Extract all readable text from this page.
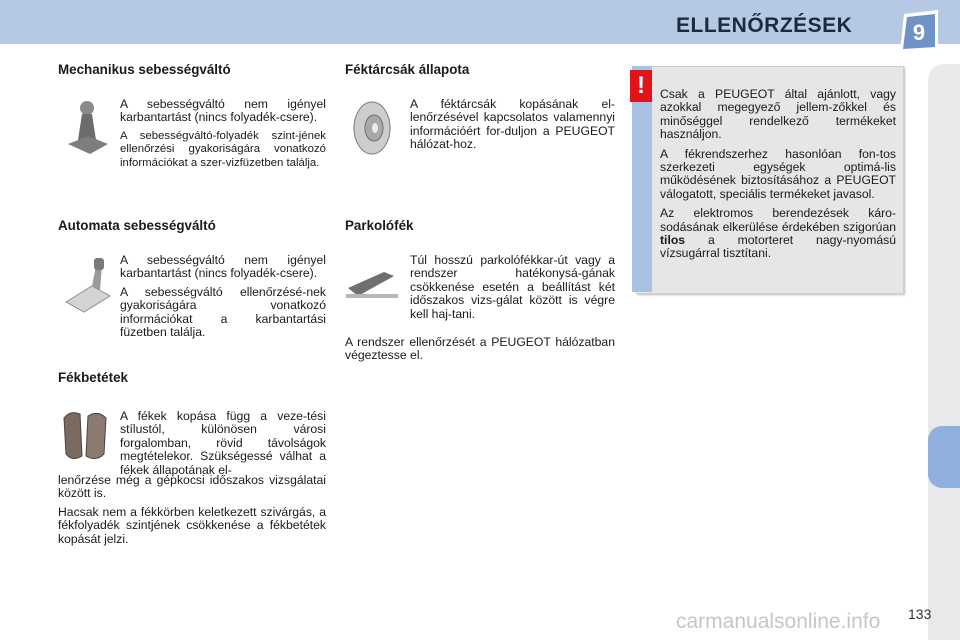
ELLENŐRZÉSEK	9
Mechanikus sebességváltó

A sebességváltó nem igényel karbantartást (nincs folyadék-csere).

A sebességváltó-folyadék szint-jének ellenőrzési gyakoriságára vonatkozó információkat a szer-vizfüzetben találja.

Automata sebességváltó

A sebességváltó nem igényel karbantartást (nincs folyadék-csere).

A sebességváltó ellenőrzésé-nek gyakoriságára vonatkozó információkat a karbantartási füzetben találja.

Fékbetétek
A fékek kopása függ a veze-tési stílustól, különösen városi forgalomban, rövid távolságok megtételekor. Szükségessé válhat a fékek állapotának el-

lenőrzése még a gépkocsi időszakos vizsgálatai között is.

Hacsak nem a fékkörben keletkezett szivárgás, a fékfolyadék szintjének csökkenése a fékbetétek kopását jelzi.

Féktárcsák állapota
A féktárcsák kopásának el-lenőrzésével kapcsolatos valamennyi információért for-duljon a PEUGEOT hálózat-hoz.
Parkolófék
Túl hosszú parkolófékkar-út vagy a rendszer hatékonysá-gának csökkenése esetén a beállítást két időszakos vizs-gálat között is végre kell haj-tani.
A rendszer ellenőrzését a PEUGEOT hálózatban végeztesse el.
!	Csak a PEUGEOT által ajánlott, vagy azokkal megegyező jellem-zőkkel és minőséggel rendelkező termékeket használjon.

A fékrendszerhez hasonlóan fon-tos szerkezeti egységek optimá-lis működésének biztosításához a PEUGEOT válogatott, speciális termékeket javasol.

Az elektromos berendezések káro-sodásának elkerülése érdekében szigorúan tilos a motorteret nagy-nyomású vízsugárral tisztítani.

carmanualsonline.info 133
